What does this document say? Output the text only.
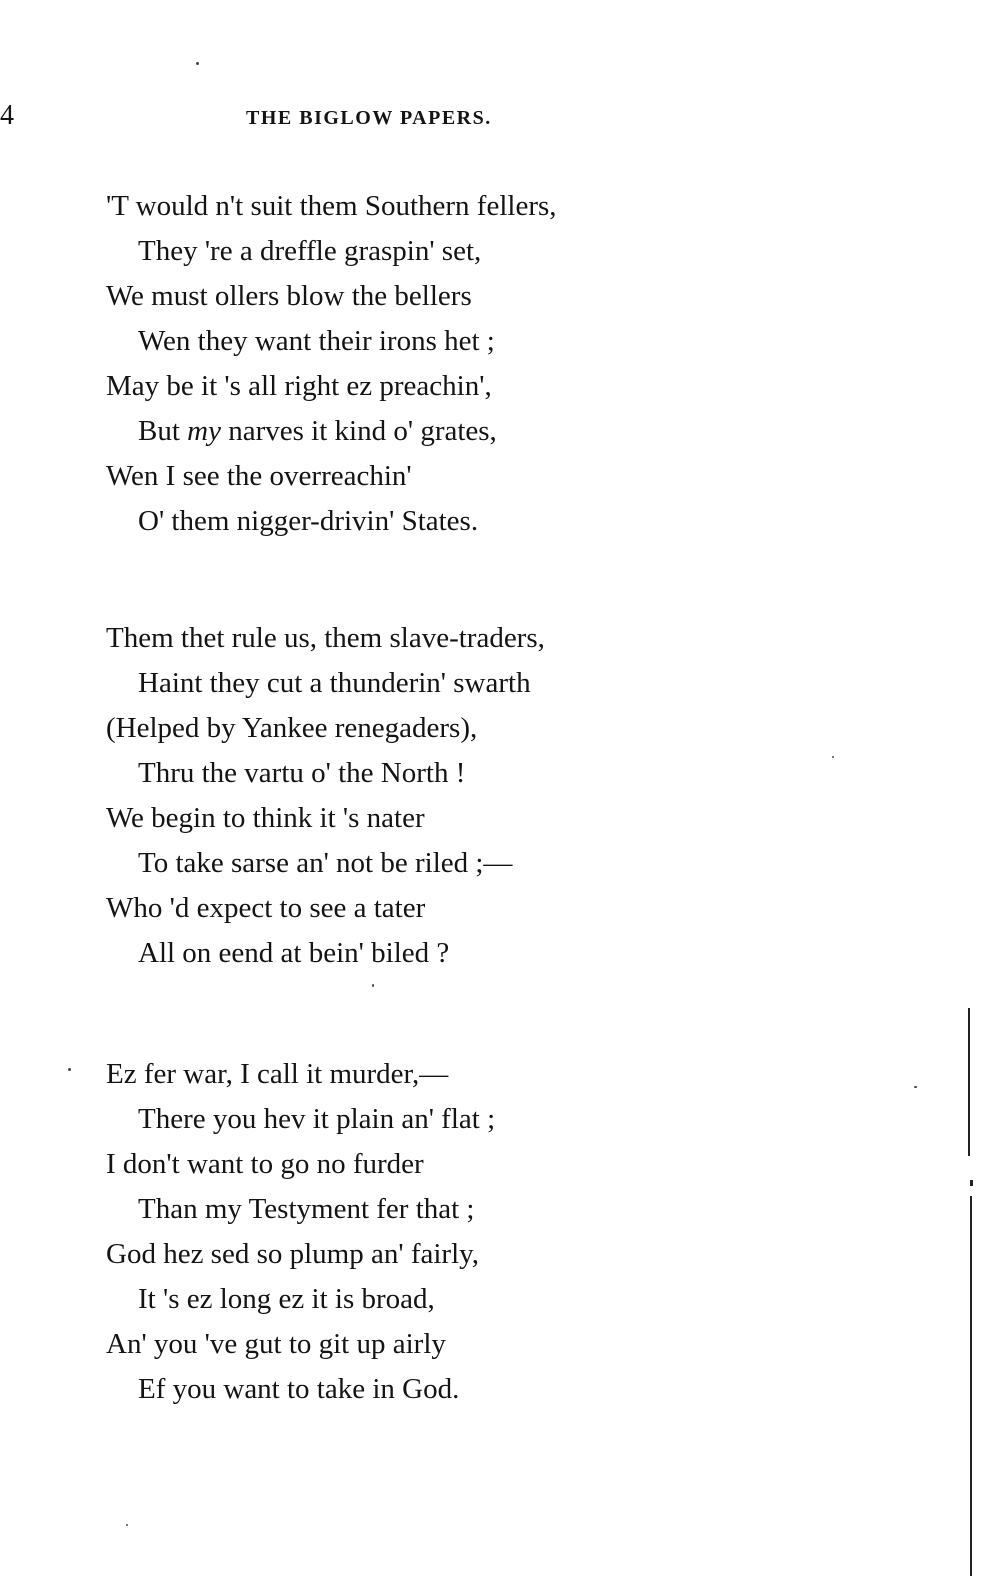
4	THE BIGLOW PAPERS.
'T would n't suit them Southern fellers,
They 're a dreffle graspin' set,
We must ollers blow the bellers
Wen they want their irons het ;
May be it 's all right ez preachin',
But my narves it kind o' grates,
Wen I see the overreachin'
O' them nigger-drivin' States.
Them thet rule us, them slave-traders,
Haint they cut a thunderin' swarth
(Helped by Yankee renegaders),
Thru the vartu o' the North !
We begin to think it 's nater
To take sarse an' not be riled ;—
Who 'd expect to see a tater
All on eend at bein' biled ?
Ez fer war, I call it murder,—
There you hev it plain an' flat ;
I don't want to go no furder
Than my Testyment fer that ;
God hez sed so plump an' fairly,
It 's ez long ez it is broad,
An' you 've gut to git up airly
Ef you want to take in God.
